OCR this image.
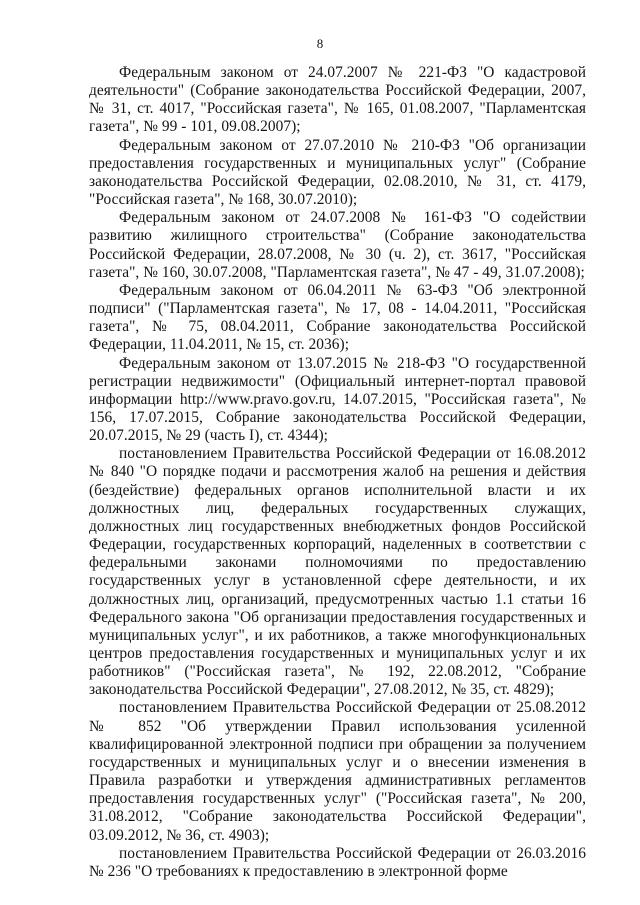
8

Федеральным законом от 24.07.2007 № 221-ФЗ "О кадастровой деятельности" (Собрание законодательства Российской Федерации, 2007, № 31, ст. 4017, "Российская газета", № 165, 01.08.2007, "Парламентская газета", № 99 - 101, 09.08.2007);

Федеральным законом от 27.07.2010 № 210-ФЗ "Об организации предоставления государственных и муниципальных услуг" (Собрание законодательства Российской Федерации, 02.08.2010, № 31, ст. 4179, "Российская газета", № 168, 30.07.2010);

Федеральным законом от 24.07.2008 № 161-ФЗ "О содействии развитию жилищного строительства" (Собрание законодательства Российской Федерации, 28.07.2008, № 30 (ч. 2), ст. 3617, "Российская газета", № 160, 30.07.2008, "Парламентская газета", № 47 - 49, 31.07.2008);

Федеральным законом от 06.04.2011 № 63-ФЗ "Об электронной подписи" ("Парламентская газета", № 17, 08 - 14.04.2011, "Российская газета", № 75, 08.04.2011, Собрание законодательства Российской Федерации, 11.04.2011, № 15, ст. 2036);

Федеральным законом от 13.07.2015 № 218-ФЗ "О государственной регистрации недвижимости" (Официальный интернет-портал правовой информации http://www.pravo.gov.ru, 14.07.2015, "Российская газета", № 156, 17.07.2015, Собрание законодательства Российской Федерации, 20.07.2015, № 29 (часть I), ст. 4344);

постановлением Правительства Российской Федерации от 16.08.2012 № 840 "О порядке подачи и рассмотрения жалоб на решения и действия (бездействие) федеральных органов исполнительной власти и их должностных лиц, федеральных государственных служащих, должностных лиц государственных внебюджетных фондов Российской Федерации, государственных корпораций, наделенных в соответствии с федеральными законами полномочиями по предоставлению государственных услуг в установленной сфере деятельности, и их должностных лиц, организаций, предусмотренных частью 1.1 статьи 16 Федерального закона "Об организации предоставления государственных и муниципальных услуг", и их работников, а также многофункциональных центров предоставления государственных и муниципальных услуг и их работников" ("Российская газета", № 192, 22.08.2012, "Собрание законодательства Российской Федерации", 27.08.2012, № 35, ст. 4829);

постановлением Правительства Российской Федерации от 25.08.2012 № 852 "Об утверждении Правил использования усиленной квалифицированной электронной подписи при обращении за получением государственных и муниципальных услуг и о внесении изменения в Правила разработки и утверждения административных регламентов предоставления государственных услуг" ("Российская газета", № 200, 31.08.2012, "Собрание законодательства Российской Федерации", 03.09.2012, № 36, ст. 4903);

постановлением Правительства Российской Федерации от 26.03.2016 № 236 "О требованиях к предоставлению в электронной форме
